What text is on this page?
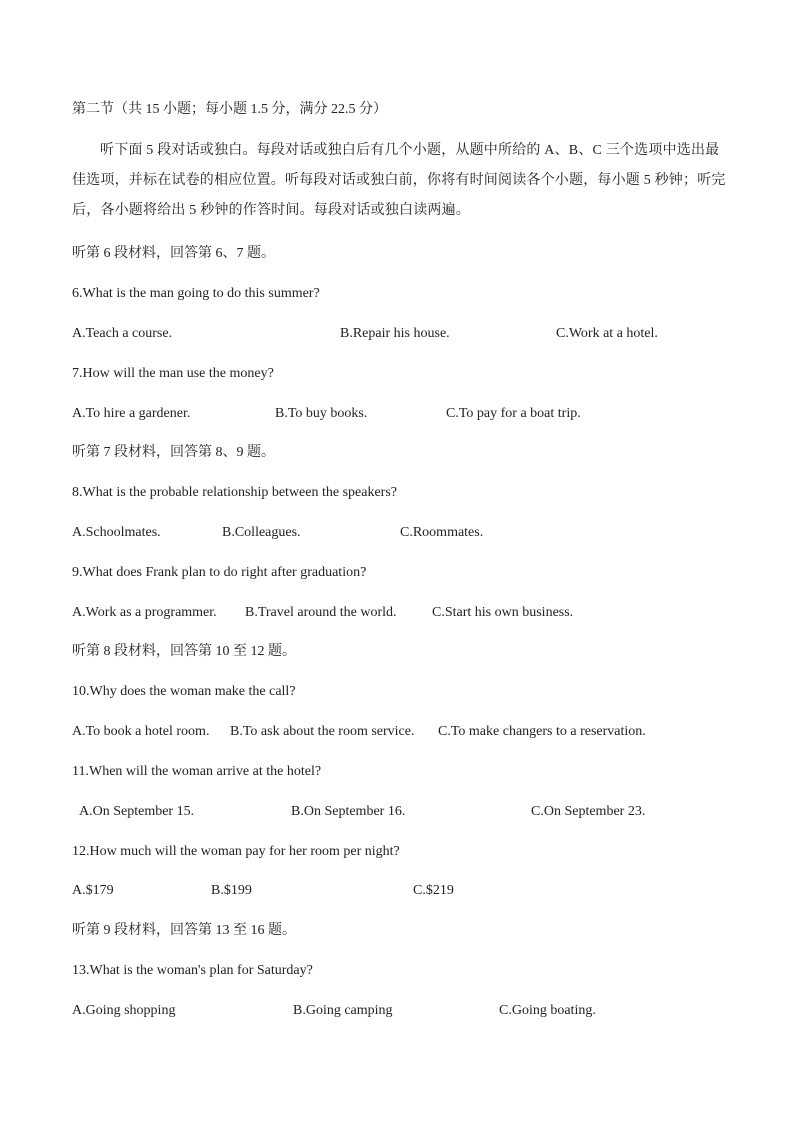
第二节（共 15 小题；每小题 1.5 分，满分 22.5 分）
听下面 5 段对话或独白。每段对话或独白后有几个小题，从题中所给的 A、B、C 三个选项中选出最佳选项，并标在试卷的相应位置。听每段对话或独白前，你将有时间阅读各个小题，每小题 5 秒钟；听完后，各小题将给出 5 秒钟的作答时间。每段对话或独白读两遍。
听第 6 段材料，回答第 6、7 题。
6.What is the man going to do this summer?
A.Teach a course.	B.Repair his house.	C.Work at a hotel.
7.How will the man use the money?
A.To hire a gardener.	B.To buy books.	C.To pay for a boat trip.
听第 7 段材料，回答第 8、9 题。
8.What is the probable relationship between the speakers?
A.Schoolmates.	B.Colleagues.	C.Roommates.
9.What does Frank plan to do right after graduation?
A.Work as a programmer. B.Travel around the world.	C.Start his own business.
听第 8 段材料，回答第 10 至 12 题。
10.Why does the woman make the call?
A.To book a hotel room. B.To ask about the room service. C.To make changers to a reservation.
11.When will the woman arrive at the hotel?
A.On September 15.	B.On September 16.	C.On September 23.
12.How much will the woman pay for her room per night?
A.$179	B.$199	C.$219
听第 9 段材料，回答第 13 至 16 题。
13.What is the woman's plan for Saturday?
A.Going shopping	B.Going camping	C.Going boating.
